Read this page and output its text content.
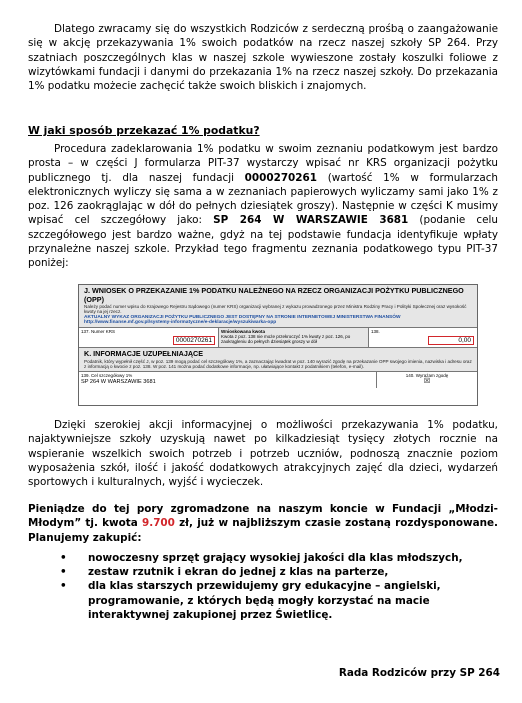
Dlatego zwracamy się do wszystkich Rodziców z serdeczną prośbą o zaangażowanie się w akcję przekazywania 1% swoich podatków na rzecz naszej szkoły SP 264. Przy szatniach poszczególnych klas w naszej szkole wywieszone zostały koszulki foliowe z wizytówkami fundacji i danymi do przekazania 1% na rzecz naszej szkoły. Do przekazania 1% podatku możecie zachęcić także swoich bliskich i znajomych.

W jaki sposób przekazać 1% podatku?

Procedura zadeklarowania 1% podatku w swoim zeznaniu podatkowym jest bardzo prosta – w części J formularza PIT-37 wystarczy wpisać nr KRS organizacji pożytku publicznego tj. dla naszej fundacji 0000270261 (wartość 1% w formularzach elektronicznych wyliczy się sama a w zeznaniach papierowych wyliczamy sami jako 1% z poz. 126 zaokrąglając w dół do pełnych dziesiątek groszy). Następnie w części K musimy wpisać cel szczegółowy jako: SP 264 W WARSZAWIE 3681 (podanie celu szczegółowego jest bardzo ważne, gdyż na tej podstawie fundacja identyfikuje wpłaty przynależne naszej szkole. Przykład tego fragmentu zeznania podatkowego typu PIT-37 poniżej:

J. WNIOSEK O PRZEKAZANIE 1% PODATKU NALEŻNEGO NA RZECZ ORGANIZACJI POŻYTKU PUBLICZNEGO (OPP)
Należy podać numer wpisu do Krajowego Rejestru Sądowego (numer KRS) organizacji wybranej z wykazu prowadzonego przez Ministra Rodziny Pracy i Polityki Społecznej oraz wysokość kwoty na jej rzecz.
AKTUALNY WYKAZ ORGANIZACJI POŻYTKU PUBLICZNEGO JEST DOSTĘPNY NA STRONIE INTERNETOWEJ MINISTERSTWA FINANSÓW http://www.finanse.mf.gov.pl/systemy-informatyczne/e-deklaracje/wyszukiwarka-opp
137. Numer KRS
0000270261
Wnioskowana kwota
Kwota z poz. 138 nie może przekroczyć 1% kwoty z poz. 126, po zaokrągleniu do pełnych dziesiątek groszy w dół
138.
0,00
K. INFORMACJE UZUPEŁNIAJĄCE
Podatnik, który wypełnił część J, w poz. 139 mogą podać cel szczegółowy 1%, a zaznaczając kwadrat w poz. 140 wyrazić zgodę na przekazanie OPP swojego imienia, nazwiska i adresu oraz z informacją o kwocie z poz. 138. W poz. 141 można podać dodatkowe informacje, np. ułatwiające kontakt z podatnikiem (telefon, e-mail).
139. Cel szczegółowy 1%
SP 264 W WARSZAWIE 3681
140. Wyrażam zgodę
☒

Dzięki szerokiej akcji informacyjnej o możliwości przekazywania 1% podatku, najaktywniejsze szkoły uzyskują nawet po kilkadziesiąt tysięcy złotych rocznie na wspieranie wszelkich swoich potrzeb i potrzeb uczniów, podnoszą znacznie poziom wyposażenia szkół, ilość i jakość dodatkowych atrakcyjnych zajęć dla dzieci, wydarzeń sportowych i kulturalnych, wyjść i wycieczek.

Pieniądze do tej pory zgromadzone na naszym koncie w Fundacji „Młodzi-Młodym” tj. kwota 9.700 zł, już w najbliższym czasie zostaną rozdysponowane. Planujemy zakupić:

• nowoczesny sprzęt grający wysokiej jakości dla klas młodszych,
• zestaw rzutnik i ekran do jednej z klas na parterze,
• dla klas starszych przewidujemy gry edukacyjne – angielski, programowanie, z których będą mogły korzystać na macie interaktywnej zakupionej przez Świetlicę.
Rada Rodziców przy SP 264
